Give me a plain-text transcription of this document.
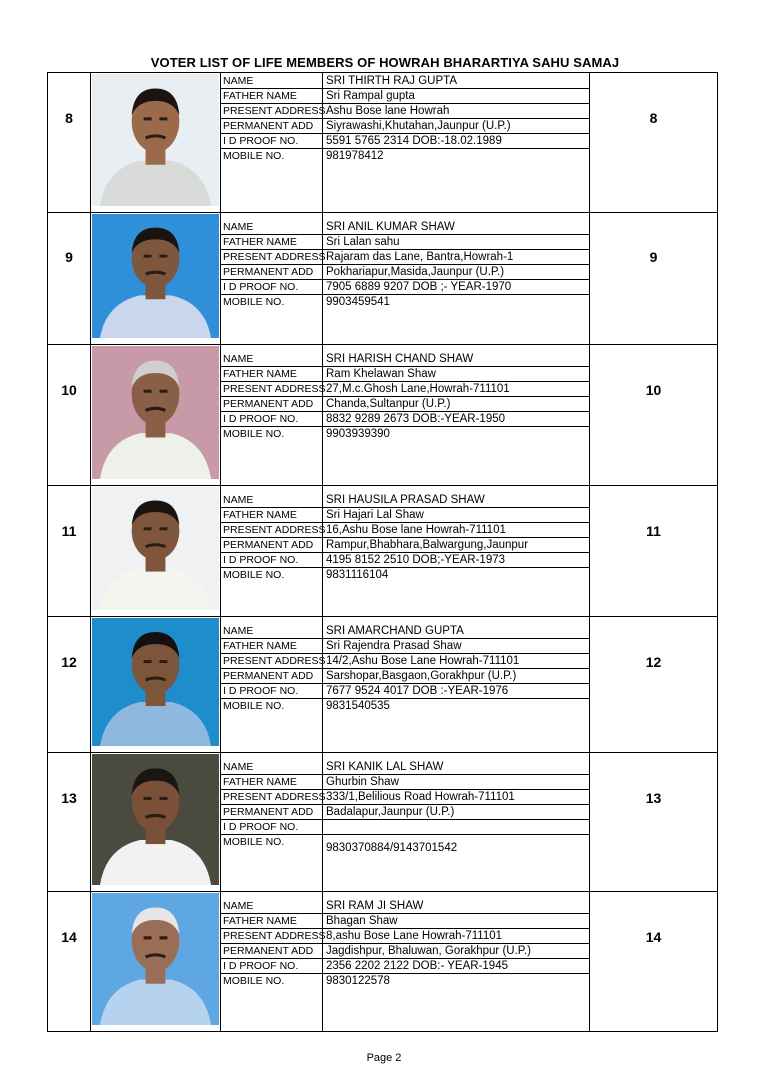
VOTER LIST OF LIFE MEMBERS OF HOWRAH BHARARTIYA SAHU SAMAJ
8
NAME
FATHER NAME
PRESENT ADDRESS
PERMANENT ADD
I D PROOF NO.
MOBILE NO.
SRI THIRTH RAJ GUPTA
Sri Rampal gupta
Ashu Bose lane Howrah
Siyrawashi,Khutahan,Jaunpur (U.P.)
5591 5765 2314 DOB:-18.02.1989
981978412
8
9
NAME
FATHER NAME
PRESENT ADDRESS
PERMANENT ADD
I D PROOF NO.
MOBILE NO.
SRI ANIL KUMAR SHAW
Sri Lalan sahu
Rajaram das Lane, Bantra,Howrah-1
Pokhariapur,Masida,Jaunpur (U.P.)
7905 6889 9207 DOB ;- YEAR-1970
9903459541
9
10
NAME
FATHER NAME
PRESENT ADDRESS
PERMANENT ADD
I D PROOF NO.
MOBILE NO.
SRI HARISH CHAND SHAW
Ram Khelawan Shaw
27,M.c.Ghosh Lane,Howrah-711101
Chanda,Sultanpur (U.P.)
8832 9289 2673 DOB:-YEAR-1950
9903939390
10
11
NAME
FATHER NAME
PRESENT ADDRESS
PERMANENT ADD
I D PROOF NO.
MOBILE NO.
SRI HAUSILA PRASAD SHAW
Sri Hajari Lal Shaw
16,Ashu Bose lane Howrah-711101
Rampur,Bhabhara,Balwargung,Jaunpur
4195 8152 2510 DOB;-YEAR-1973
9831116104
11
12
NAME
FATHER NAME
PRESENT ADDRESS
PERMANENT ADD
I D PROOF NO.
MOBILE NO.
SRI AMARCHAND GUPTA
Sri Rajendra Prasad Shaw
14/2,Ashu Bose Lane Howrah-711101
Sarshopar,Basgaon,Gorakhpur (U.P.)
7677 9524 4017 DOB :-YEAR-1976
9831540535
12
13
NAME
FATHER NAME
PRESENT ADDRESS
PERMANENT ADD
I D PROOF NO.
MOBILE NO.
SRI KANIK LAL SHAW
Ghurbin Shaw
333/1,Belilious Road Howrah-711101
Badalapur,Jaunpur (U.P.)
9830370884/9143701542
13
14
NAME
FATHER NAME
PRESENT ADDRESS
PERMANENT ADD
I D PROOF NO.
MOBILE NO.
SRI RAM JI SHAW
Bhagan Shaw
8,ashu Bose Lane Howrah-711101
Jagdishpur, Bhaluwan, Gorakhpur (U.P.)
2356 2202 2122 DOB:- YEAR-1945
9830122578
14
Page 2
